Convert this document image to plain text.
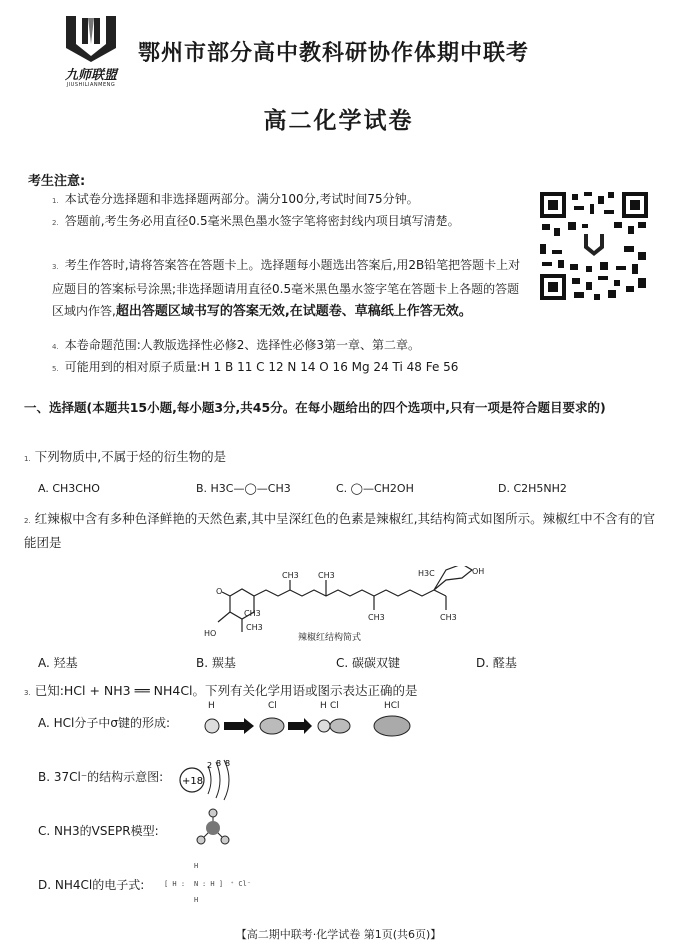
九师联盟
JIUSHILIANMENG
鄂州市部分高中教科研协作体期中联考
高二化学试卷
考生注意:
1. 本试卷分选择题和非选择题两部分。满分100分,考试时间75分钟。
2. 答题前,考生务必用直径0.5毫米黑色墨水签字笔将密封线内项目填写清楚。
3. 考生作答时,请将答案答在答题卡上。选择题每小题选出答案后,用2B铅笔把答题卡上对应题目的答案标号涂黑;非选择题请用直径0.5毫米黑色墨水签字笔在答题卡上各题的答题区域内作答,超出答题区域书写的答案无效,在试题卷、草稿纸上作答无效。
4. 本卷命题范围:人教版选择性必修2、选择性必修3第一章、第二章。
5. 可能用到的相对原子质量:H 1 B 11 C 12 N 14 O 16 Mg 24 Ti 48 Fe 56
一、选择题(本题共15小题,每小题3分,共45分。在每小题给出的四个选项中,只有一项是符合题目要求的)
1. 下列物质中,不属于烃的衍生物的是
A. CH3CHO	B. H3C—◯—CH3	C. ◯—CH2OH	D. C2H5NH2
2. 红辣椒中含有多种色泽鲜艳的天然色素,其中呈深红色的色素是辣椒红,其结构简式如图所示。辣椒红中不含有的官能团是
CH3 CH3
CH3	CH3
O
CH3
CH3
HO
H3C	OH
辣椒红结构简式
A. 羟基	B. 羰基	C. 碳碳双键	D. 醛基
3. 已知:HCl + NH3 ══ NH4Cl。下列有关化学用语或图示表达正确的是
A. HCl分子中σ键的形成:
H	Cl	H Cl	HCl
B. 37Cl⁻的结构示意图: +18
2 8 8
C. NH3的VSEPR模型:
D. NH4Cl的电子式:
H
[ H : N : H ] ⁺ Cl⁻
H
【高二期中联考·化学试卷 第1页(共6页)】
